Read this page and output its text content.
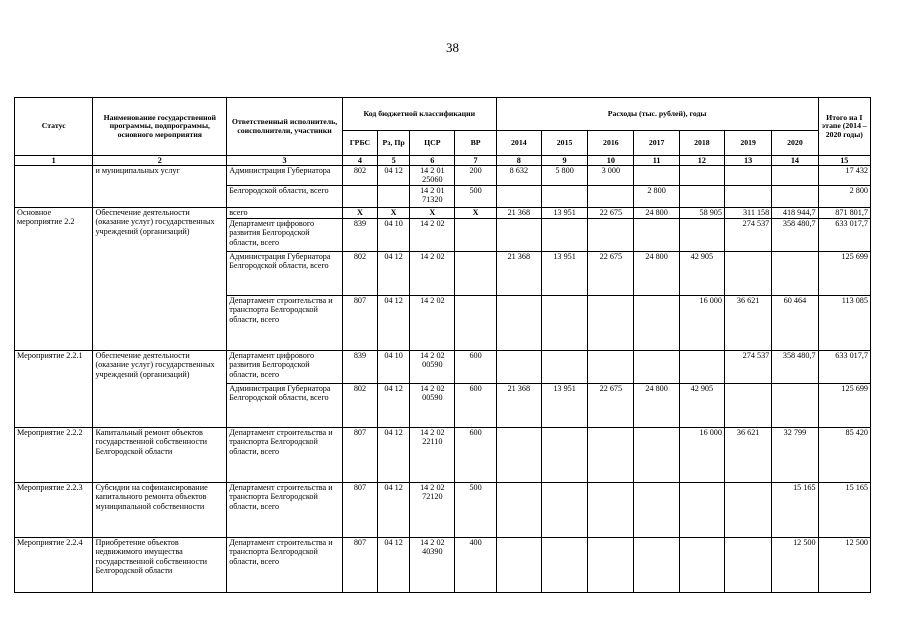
38
Статус	Наименование государственной программы, подпрограммы, основного мероприятия	Ответственный исполнитель, соисполнители, участники	Код бюджетной классификации				Расходы (тыс. рублей), годы							Итого на I этапе (2014 – 2020 годы)
			ГРБС	Рз, Пр	ЦСР	ВР	2014	2015	2016	2017	2018	2019	2020	
1	2	3	4	5	6	7	8	9	10	11	12	13	14	15
	и муниципальных услуг	Администрация Губернатора	802	04 12	14 2 01 25060	200	8 632	5 800	3 000					17 432
		Белгородской области, всего			14 2 01 71320	500				2 800				2 800
Основное мероприятие 2.2	Обеспечение деятельности (оказание услуг) государственных учреждений (организаций)	всего	Х	Х	Х	Х	21 368	13 951	22 675	24 800	58 905	311 158	418 944,7	871 801,7
		Департамент цифрового развития Белгородской области, всего	839	04 10	14 2 02							274 537	358 480,7	633 017,7
		Администрация Губернатора Белгородской области, всего	802	04 12	14 2 02		21 368	13 951	22 675	24 800	42 905			125 699
		Департамент строительства и транспорта Белгородской области, всего	807	04 12	14 2 02						16 000	36 621	60 464	113 085
Мероприятие 2.2.1	Обеспечение деятельности (оказание услуг) государственных учреждений (организаций)	Департамент цифрового развития Белгородской области, всего	839	04 10	14 2 02 00590	600						274 537	358 480,7	633 017,7
		Администрация Губернатора Белгородской области, всего	802	04 12	14 2 02 00590	600	21 368	13 951	22 675	24 800	42 905			125 699
Мероприятие 2.2.2	Капитальный ремонт объектов государственной собственности Белгородской области	Департамент строительства и транспорта Белгородской области, всего	807	04 12	14 2 02 22110	600					16 000	36 621	32 799	85 420
Мероприятие 2.2.3	Субсидии на софинансирование капитального ремонта объектов муниципальной собственности	Департамент строительства и транспорта Белгородской области, всего	807	04 12	14 2 02 72120	500							15 165	15 165
Мероприятие 2.2.4	Приобретение объектов недвижимого имущества государственной собственности Белгородской области	Департамент строительства и транспорта Белгородской области, всего	807	04 12	14 2 02 40390	400							12 500	12 500
